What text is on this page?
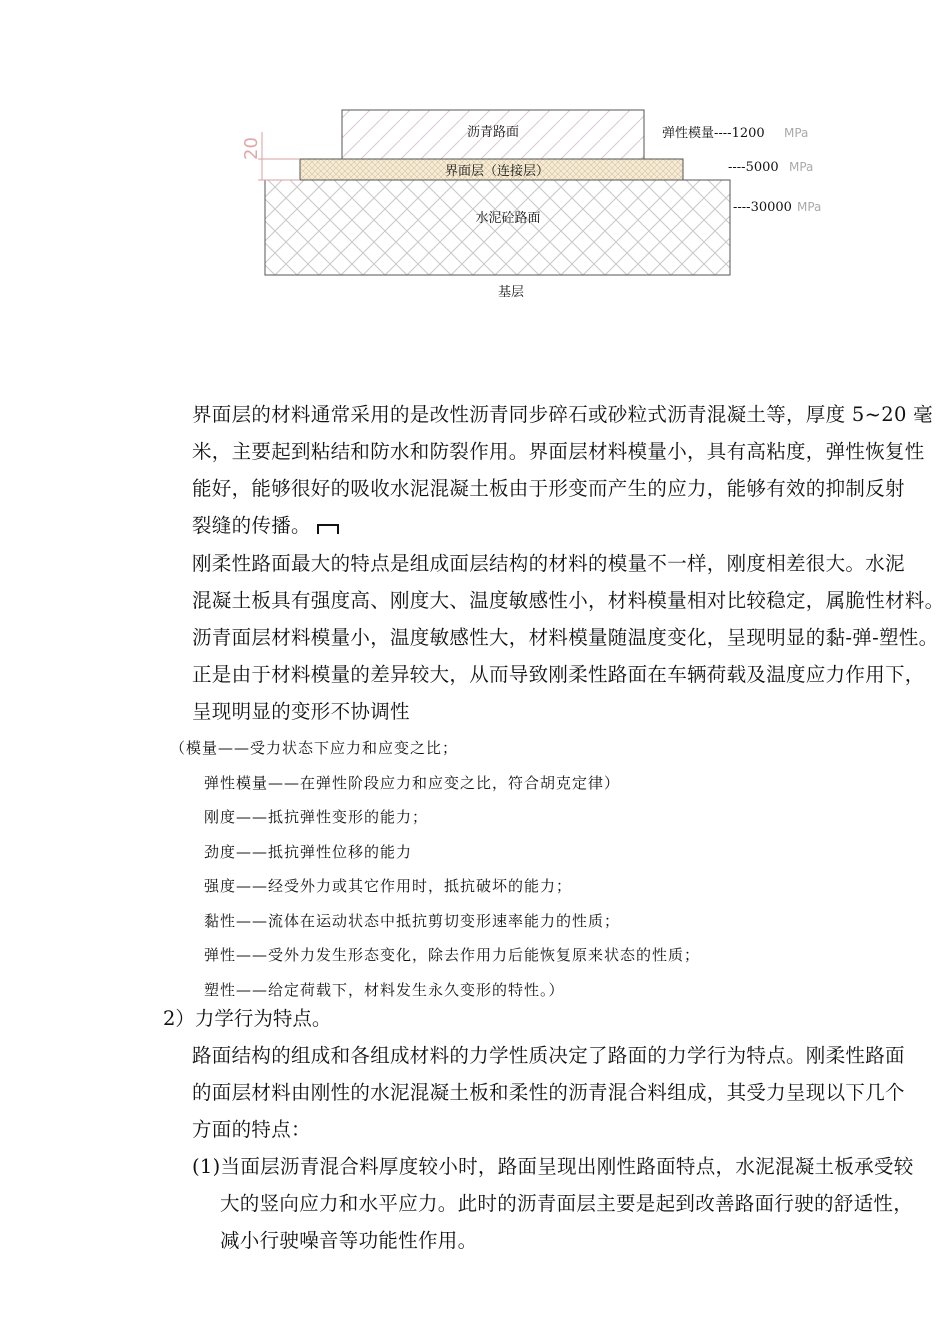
20
沥青路面
界面层（连接层）
水泥砼路面
基层
弹性模量----1200 MPa
----5000 MPa
----30000 MPa
界面层的材料通常采用的是改性沥青同步碎石或砂粒式沥青混凝土等，厚度 5~20 毫
米，主要起到粘结和防水和防裂作用。界面层材料模量小，具有高粘度，弹性恢复性
能好，能够很好的吸收水泥混凝土板由于形变而产生的应力，能够有效的抑制反射
裂缝的传播。
刚柔性路面最大的特点是组成面层结构的材料的模量不一样，刚度相差很大。水泥
混凝土板具有强度高、刚度大、温度敏感性小，材料模量相对比较稳定，属脆性材料。
沥青面层材料模量小，温度敏感性大，材料模量随温度变化，呈现明显的黏-弹-塑性。
正是由于材料模量的差异较大，从而导致刚柔性路面在车辆荷载及温度应力作用下，
呈现明显的变形不协调性
（模量——受力状态下应力和应变之比；
弹性模量——在弹性阶段应力和应变之比，符合胡克定律）
刚度——抵抗弹性变形的能力；
劲度——抵抗弹性位移的能力
强度——经受外力或其它作用时，抵抗破坏的能力；
黏性——流体在运动状态中抵抗剪切变形速率能力的性质；
弹性——受外力发生形态变化，除去作用力后能恢复原来状态的性质；
塑性——给定荷载下，材料发生永久变形的特性。）
2）力学行为特点。
路面结构的组成和各组成材料的力学性质决定了路面的力学行为特点。刚柔性路面
的面层材料由刚性的水泥混凝土板和柔性的沥青混合料组成，其受力呈现以下几个
方面的特点：
(1)当面层沥青混合料厚度较小时，路面呈现出刚性路面特点，水泥混凝土板承受较
大的竖向应力和水平应力。此时的沥青面层主要是起到改善路面行驶的舒适性，
减小行驶噪音等功能性作用。
